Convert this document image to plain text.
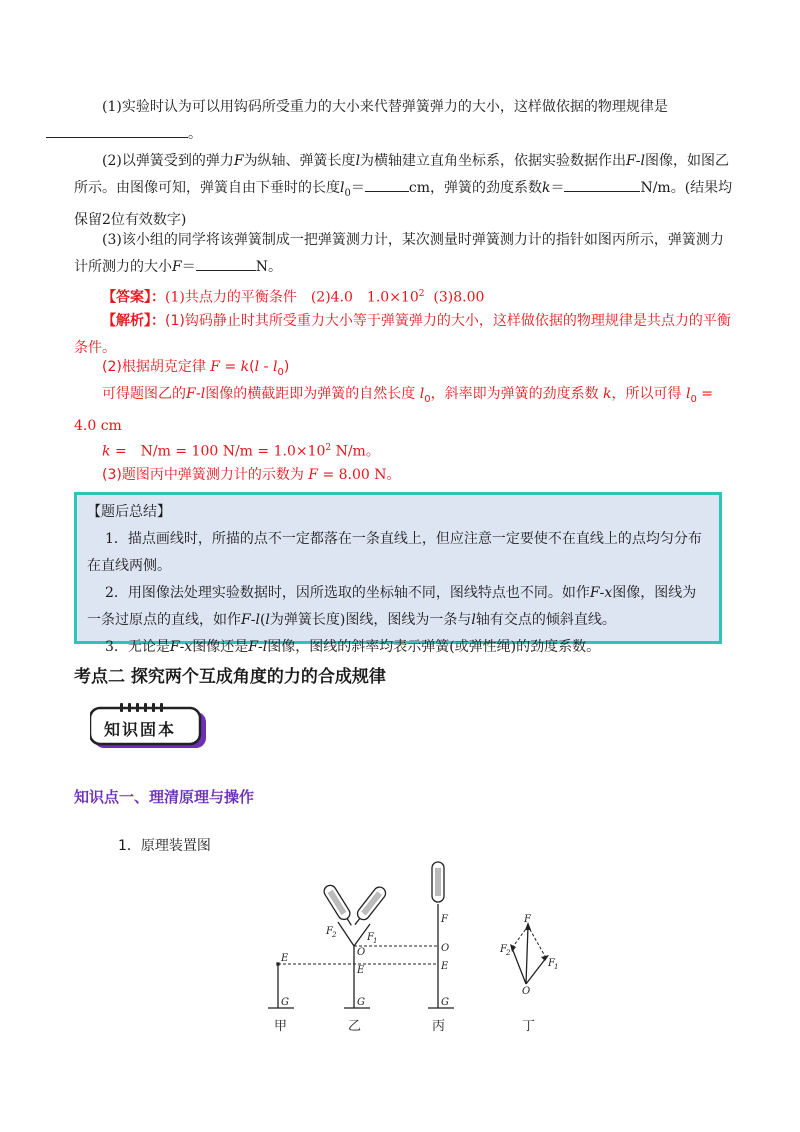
(1)实验时认为可以用钩码所受重力的大小来代替弹簧弹力的大小，这样做依据的物理规律是
。
(2)以弹簧受到的弹力F为纵轴、弹簧长度l为横轴建立直角坐标系，依据实验数据作出F-l图像，如图乙所示。由图像可知，弹簧自由下垂时的长度$l_0=$	cm，弹簧的劲度系数k＝	N/m。(结果均保留2位有效数字)
(3)该小组的同学将该弹簧制成一把弹簧测力计，某次测量时弹簧测力计的指针如图丙所示，弹簧测力计所测力的大小F＝	N。
【答案】：(1)共点力的平衡条件　(2)4.0　$1.0\times 10^2$ (3)8.00
【解析】：(1)钩码静止时其所受重力大小等于弹簧弹力的大小，这样做依据的物理规律是共点力的平衡条件。
(2)根据胡克定律 $F = k(l - l_0)$
可得题图乙的F-l图像的横截距即为弹簧的自然长度 $l_0$，斜率即为弹簧的劲度系数 k，所以可得 $l_0 = 4.0$ cm
k =　N/m = 100 $N/m = 1.0\times 10^2$ N/m。
(3)题图丙中弹簧测力计的示数为 F = 8.00 N。

【题后总结】

1．描点画线时，所描的点不一定都落在一条直线上，但应注意一定要使不在直线上的点均匀分布在直线两侧。

2．用图像法处理实验数据时，因所选取的坐标轴不同，图线特点也不同。如作F-x图像，图线为一条过原点的直线，如作F-l(l为弹簧长度)图线，图线为一条与l轴有交点的倾斜直线。

3．无论是F-x图像还是F-l图像，图线的斜率均表示弹簧(或弹性绳)的劲度系数。

考点二 探究两个互成角度的力的合成规律
知识固本
知识点一、理清原理与操作
1．原理装置图
E
G
O
E
G
F 2	F 1
F
O
E
G
F
F 2
F 1
O
甲	乙	丙	丁
